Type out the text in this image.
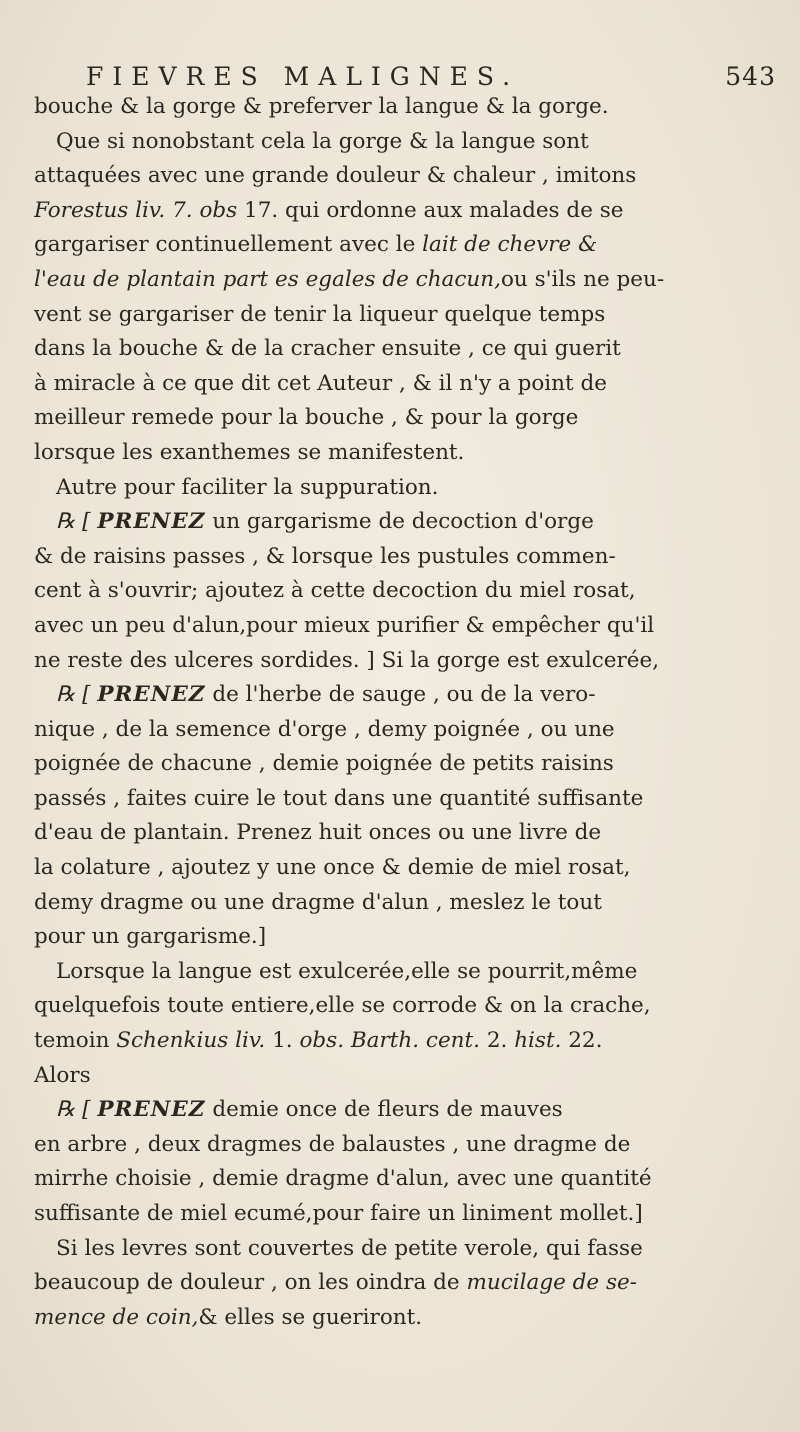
FIEVRES MALIGNES.	543
bouche & la gorge & preferver la langue & la gorge.
Que si nonobstant cela la gorge & la langue sont
attaquées avec une grande douleur & chaleur , imitons
Forestus liv. 7. obs 17. qui ordonne aux malades de se
gargariser continuellement avec le lait de chevre &
l'eau de plantain part es egales de chacun,ou s'ils ne peu-
vent se gargariser de tenir la liqueur quelque temps
dans la bouche & de la cracher ensuite , ce qui guerit
à miracle à ce que dit cet Auteur , & il n'y a point de
meilleur remede pour la bouche , & pour la gorge
lorsque les exanthemes se manifestent.
Autre pour faciliter la suppuration.
℞ [ PRENEZ un gargarisme de decoction d'orge
& de raisins passes , & lorsque les pustules commen-
cent à s'ouvrir; ajoutez à cette decoction du miel rosat,
avec un peu d'alun,pour mieux purifier & empêcher qu'il
ne reste des ulceres sordides. ] Si la gorge est exulcerée,
℞ [ PRENEZ de l'herbe de sauge , ou de la vero-
nique , de la semence d'orge , demy poignée , ou une
poignée de chacune , demie poignée de petits raisins
passés , faites cuire le tout dans une quantité suffisante
d'eau de plantain. Prenez huit onces ou une livre de
la colature , ajoutez y une once & demie de miel rosat,
demy dragme ou une dragme d'alun , meslez le tout
pour un gargarisme.]
Lorsque la langue est exulcerée,elle se pourrit,même
quelquefois toute entiere,elle se corrode & on la crache,
temoin Schenkius liv. 1. obs. Barth. cent. 2. hist. 22.
Alors
℞ [ PRENEZ demie once de fleurs de mauves
en arbre , deux dragmes de balaustes , une dragme de
mirrhe choisie , demie dragme d'alun, avec une quantité
suffisante de miel ecumé,pour faire un liniment mollet.]
Si les levres sont couvertes de petite verole, qui fasse
beaucoup de douleur , on les oindra de mucilage de se-
mence de coin,& elles se gueriront.
